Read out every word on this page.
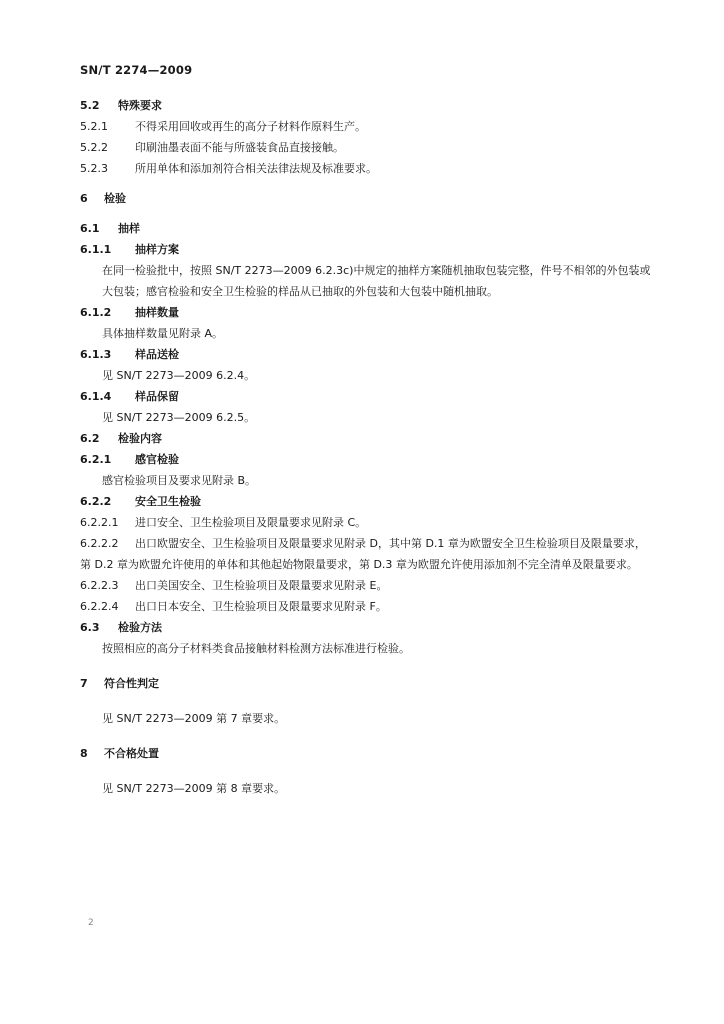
SN/T 2274—2009
5.2 特殊要求
5.2.1 不得采用回收或再生的高分子材料作原料生产。
5.2.2 印刷油墨表面不能与所盛装食品直接接触。
5.2.3 所用单体和添加剂符合相关法律法规及标准要求。
6 检验
6.1 抽样
6.1.1 抽样方案
在同一检验批中，按照 SN/T 2273—2009 6.2.3c)中规定的抽样方案随机抽取包装完整，件号不相邻的外包装或大包装；感官检验和安全卫生检验的样品从已抽取的外包装和大包装中随机抽取。
6.1.2 抽样数量
具体抽样数量见附录 A。
6.1.3 样品送检
见 SN/T 2273—2009 6.2.4。
6.1.4 样品保留
见 SN/T 2273—2009 6.2.5。
6.2 检验内容
6.2.1 感官检验
感官检验项目及要求见附录 B。
6.2.2 安全卫生检验
6.2.2.1 进口安全、卫生检验项目及限量要求见附录 C。
6.2.2.2 出口欧盟安全、卫生检验项目及限量要求见附录 D，其中第 D.1 章为欧盟安全卫生检验项目及限量要求，第 D.2 章为欧盟允许使用的单体和其他起始物限量要求，第 D.3 章为欧盟允许使用添加剂不完全清单及限量要求。
6.2.2.3 出口美国安全、卫生检验项目及限量要求见附录 E。
6.2.2.4 出口日本安全、卫生检验项目及限量要求见附录 F。
6.3 检验方法
按照相应的高分子材料类食品接触材料检测方法标准进行检验。
7 符合性判定
见 SN/T 2273—2009 第 7 章要求。
8 不合格处置
见 SN/T 2273—2009 第 8 章要求。
2
